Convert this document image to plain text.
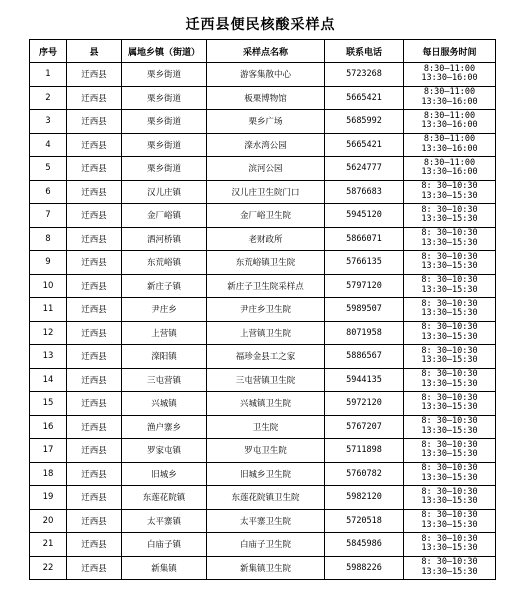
迁西县便民核酸采样点
序号	县	属地乡镇（街道）	采样点名称	联系电话	每日服务时间
1	迁西县	栗乡街道	游客集散中心	5723268	8:30—11:00
13:30—16:00

2	迁西县	栗乡街道	板栗博物馆	5665421	8:30—11:00
13:30—16:00

3	迁西县	栗乡街道	栗乡广场	5685992	8:30—11:00
13:30—16:00

4	迁西县	栗乡街道	滦水湾公园	5665421	8:30—11:00
13:30—16:00

5	迁西县	栗乡街道	滨河公园	5624777	8:30—11:00
13:30—16:00

6	迁西县	汉儿庄镇	汉儿庄卫生院门口	5876683	8: 30—10:30
13:30—15:30

7	迁西县	金厂峪镇	金厂峪卫生院	5945120	8: 30—10:30
13:30—15:30

8	迁西县	洒河桥镇	老财政所	5866071	8: 30—10:30
13:30—15:30

9	迁西县	东荒峪镇	东荒峪镇卫生院	5766135	8: 30—10:30
13:30—15:30

10	迁西县	新庄子镇	新庄子卫生院采样点	5797120	8: 30—10:30
13:30—15:30

11	迁西县	尹庄乡	尹庄乡卫生院	5989507	8: 30—10:30
13:30—15:30

12	迁西县	上营镇	上营镇卫生院	8071958	8: 30—10:30
13:30—15:30

13	迁西县	滦阳镇	福珍金县工之家	5886567	8: 30—10:30
13:30—15:30

14	迁西县	三屯营镇	三屯营镇卫生院	5944135	8: 30—10:30
13:30—15:30

15	迁西县	兴城镇	兴城镇卫生院	5972120	8: 30—10:30
13:30—15:30

16	迁西县	渔户寨乡	卫生院	5767207	8: 30—10:30
13:30—15:30

17	迁西县	罗家屯镇	罗屯卫生院	5711898	8: 30—10:30
13:30—15:30

18	迁西县	旧城乡	旧城乡卫生院	5760782	8: 30—10:30
13:30—15:30

19	迁西县	东莲花院镇	东莲花院镇卫生院	5982120	8: 30—10:30
13:30—15:30

20	迁西县	太平寨镇	太平寨卫生院	5720518	8: 30—10:30
13:30—15:30

21	迁西县	白庙子镇	白庙子卫生院	5845986	8: 30—10:30
13:30—15:30

22	迁西县	新集镇	新集镇卫生院	5988226	8: 30—10:30
13:30—15:30
